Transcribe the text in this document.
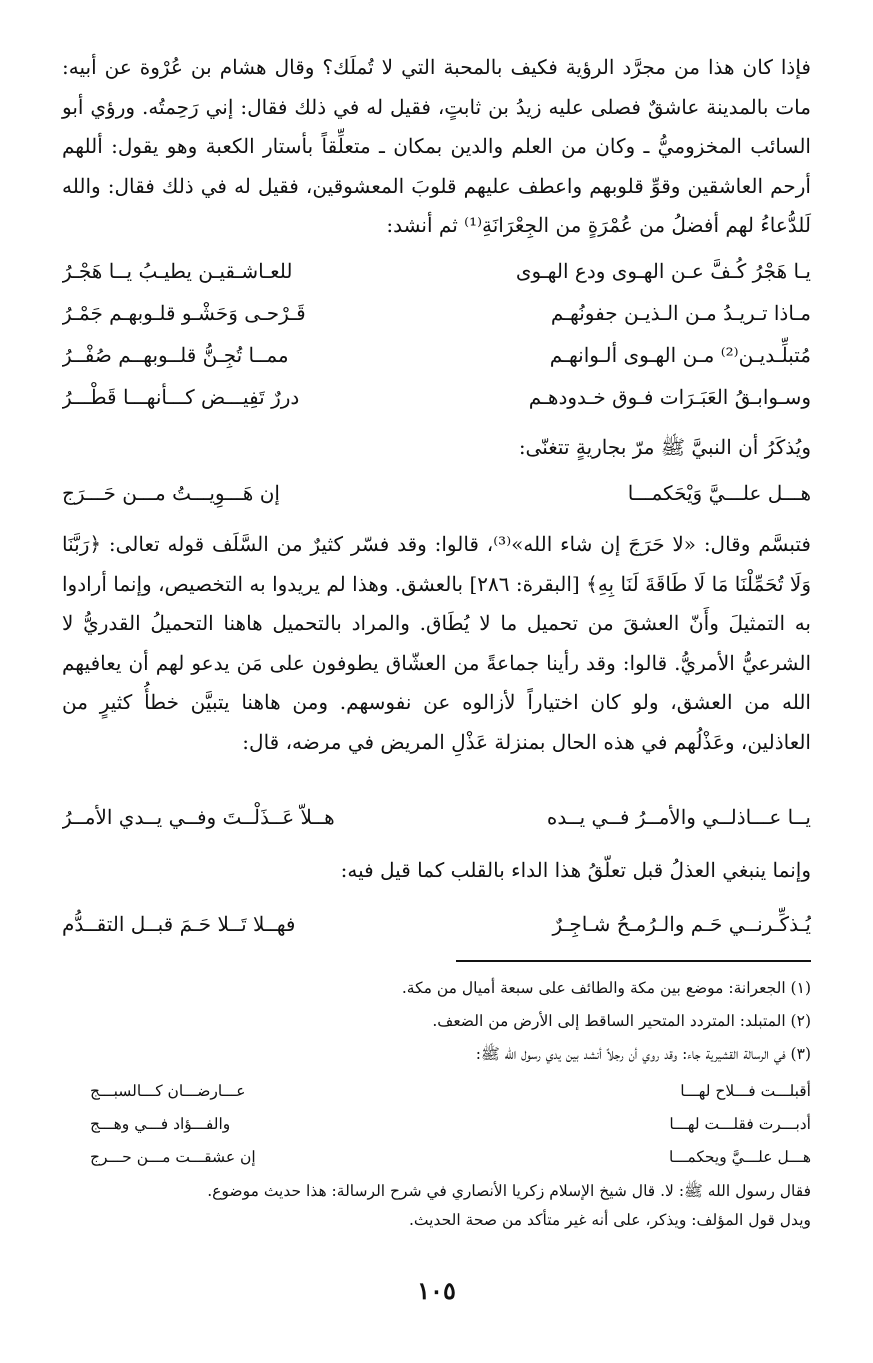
فإذا كان هذا من مجرَّد الرؤية فكيف بالمحبة التي لا تُملَك؟ وقال هشام بن عُرْوة عن أبيه: مات بالمدينة عاشقٌ فصلى عليه زيدُ بن ثابتٍ، فقيل له في ذلك فقال: إني رَحِمتُه. ورؤي أبو السائب المخزوميُّ ـ وكان من العلم والدين بمكان ـ متعلِّقاً بأستار الكعبة وهو يقول: أللهم أرحم العاشقين وقوِّ قلوبهم واعطف عليهم قلوبَ المعشوقين، فقيل له في ذلك فقال: والله لَلدُّعاءُ لهم أفضلُ من عُمْرَةٍ من الجِعْرَانَةِ⁽¹⁾ ثم أنشد:
يـا هَجْرُ كُـفَّ عـن الهـوى ودع الهـوى
للعـاشـقيـن يطيـبُ يــا هَجْـرُ
مـاذا تـريـدُ مـن الـذيـن جفونُهـم
قَـرْحـى وَحَشْـو قلـوبهـم جَمْـرُ
مُتبلِّـديـن⁽²⁾ مـن الهـوى ألـوانهـم
ممــا تُجِـنُّ قلــوبهــم صُفْــرُ
وسـوابـقُ العَبَـرَات فـوق خـدودهـم
دررٌ تَفِيـــض كـــأنهـــا قَطْـــرُ
ويُذكَرُ أن النبيَّ ﷺ مرّ بجاريةٍ تتغنّى:
هـــل علـــيَّ وَيْحَكمـــا
إن هَـــوِيـــتُ مـــن حَـــرَج
فتبسَّم وقال: «لا حَرَجَ إن شاء الله»⁽³⁾، قالوا: وقد فسّر كثيرٌ من السَّلَف قوله تعالى: ﴿رَبَّنَا وَلَا تُحَمِّلْنَا مَا لَا طَاقَةَ لَنَا بِهِ﴾ [البقرة: ٢٨٦] بالعشق. وهذا لم يريدوا به التخصيص، وإنما أرادوا به التمثيلَ وأَنّ العشقَ من تحميل ما لا يُطَاق. والمراد بالتحميل هاهنا التحميلُ القدريُّ لا الشرعيُّ الأمريُّ. قالوا: وقد رأينا جماعةً من العشّاق يطوفون على مَن يدعو لهم أن يعافيهم الله من العشق، ولو كان اختياراً لأزالوه عن نفوسهم. ومن هاهنا يتبيَّن خطأُ كثيرٍ من العاذلين، وعَذْلُهم في هذه الحال بمنزلة عَذْلِ المريض في مرضه، قال:
يــا عـــاذلــي والأمــرُ فــي يــده
هــلاّ عَــذَلْــتَ وفــي يــدي الأمــرُ
وإنما ينبغي العذلُ قبل تعلّقُ هذا الداء بالقلب كما قيل فيه:
يُـذكِّـرنــي حَـم والـرُمـحُ شـاجِـرٌ
فهــلا تَــلا حَـمَ قبــل التقــدُّم
(١) الجعرانة: موضع بين مكة والطائف على سبعة أميال من مكة.
(٢) المتبلد: المتردد المتحير الساقط إلى الأرض من الضعف.
(٣) في الرسالة القشيرية جاء: وقد روي أن رجلاً أنشد بين يدي رسول الله ﷺ:
أقبلـــت فـــلاح لهـــا
عـــارضـــان كـــالسبـــج
أدبـــرت فقلـــت لهـــا
والفـــؤاد فـــي وهـــج
هـــل علـــيَّ ويحكمـــا
إن عشقـــت مـــن حـــرج
فقال رسول الله ﷺ: لا. قال شيخ الإسلام زكريا الأنصاري في شرح الرسالة: هذا حديث موضوع.
ويدل قول المؤلف: ويذكر، على أنه غير متأكد من صحة الحديث.
١٠٥
